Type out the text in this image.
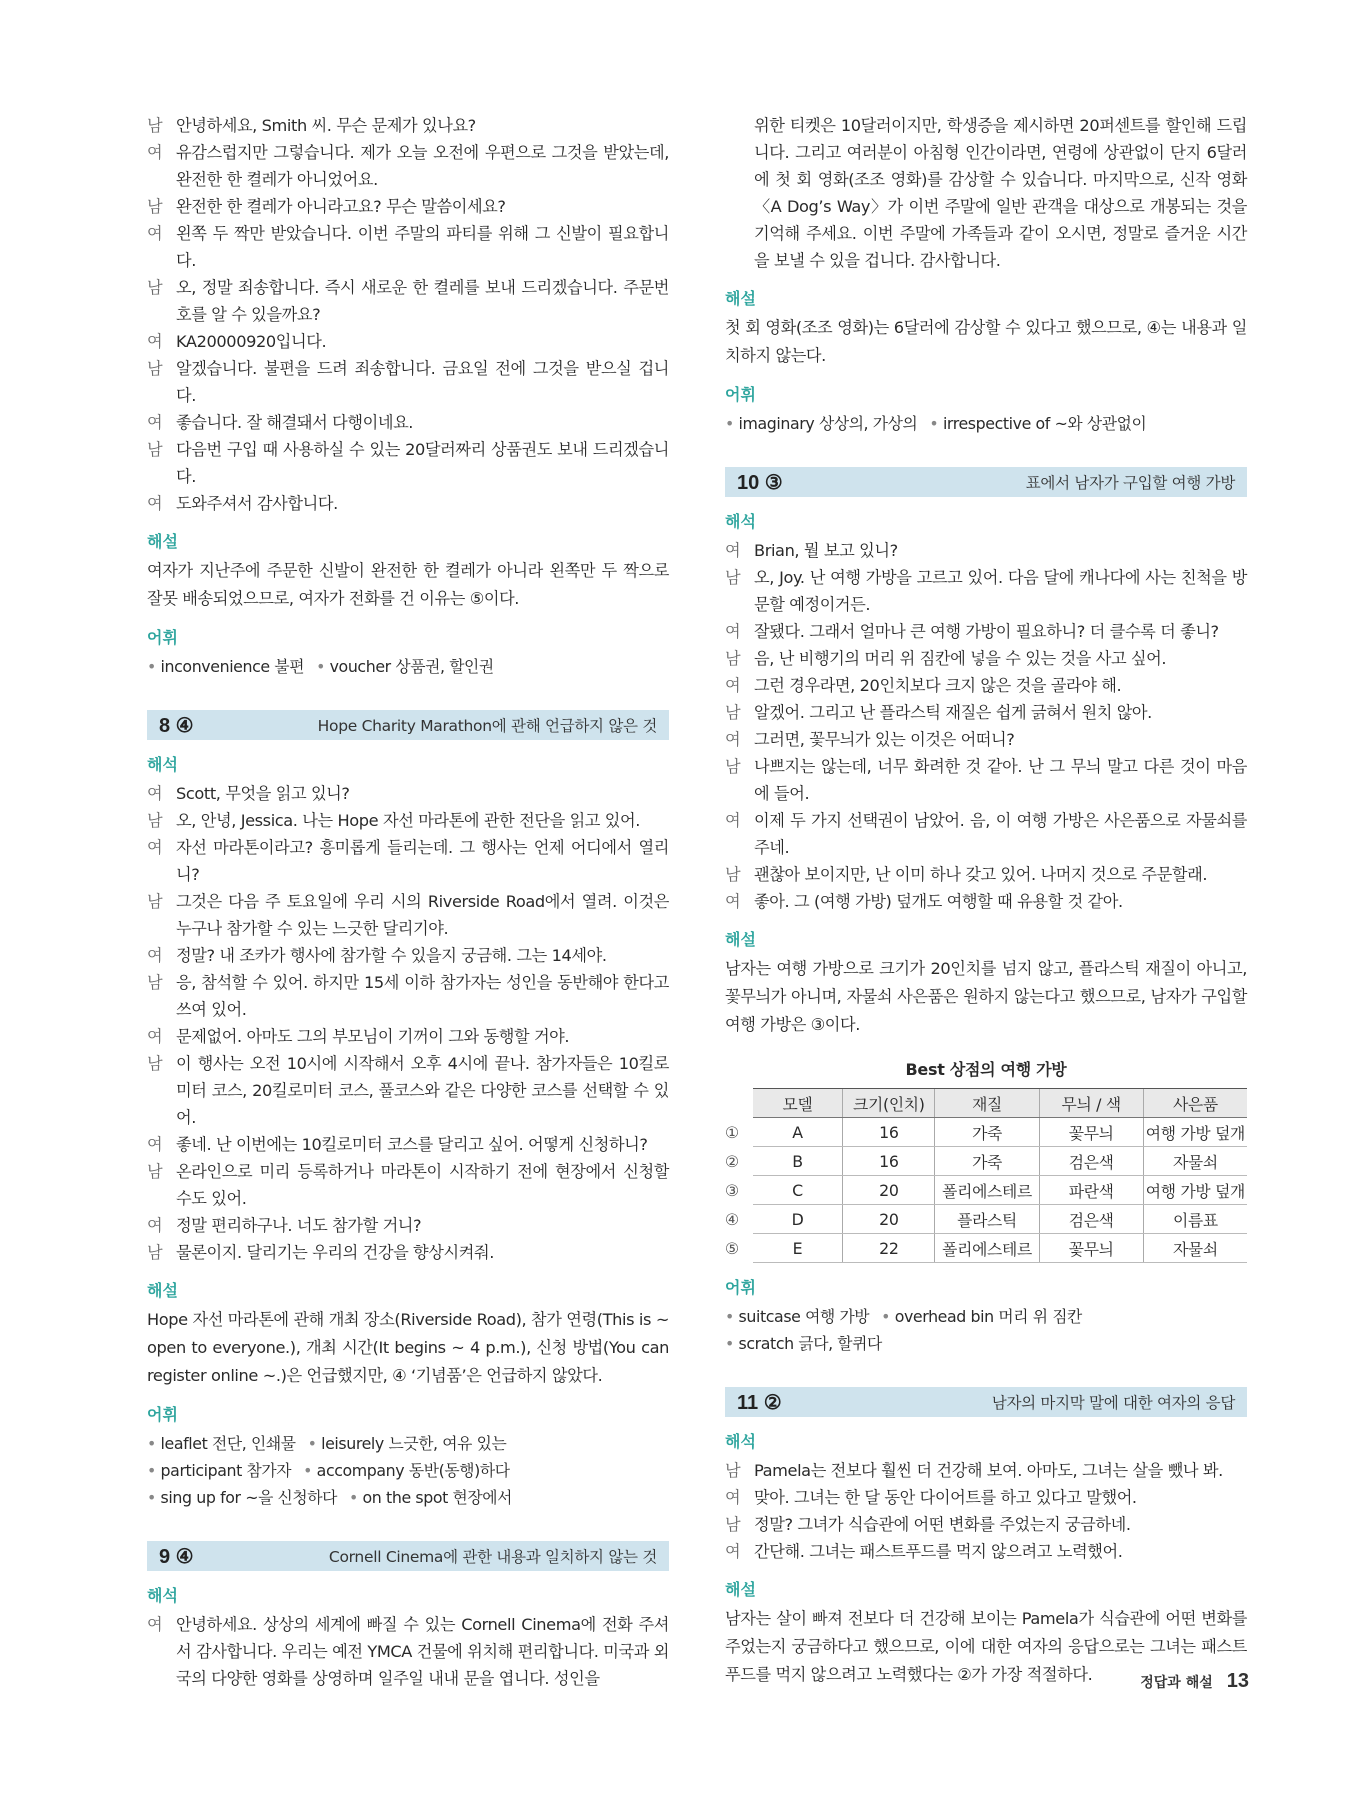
남 안녕하세요, Smith 씨. 무슨 문제가 있나요?
여 유감스럽지만 그렇습니다. 제가 오늘 오전에 우편으로 그것을 받았는데, 완전한 한 켤레가 아니었어요.
남 완전한 한 켤레가 아니라고요? 무슨 말씀이세요?
여 왼쪽 두 짝만 받았습니다. 이번 주말의 파티를 위해 그 신발이 필요합니다.
남 오, 정말 죄송합니다. 즉시 새로운 한 켤레를 보내 드리겠습니다. 주문번호를 알 수 있을까요?
여 KA20000920입니다.
남 알겠습니다. 불편을 드려 죄송합니다. 금요일 전에 그것을 받으실 겁니다.
여 좋습니다. 잘 해결돼서 다행이네요.
남 다음번 구입 때 사용하실 수 있는 20달러짜리 상품권도 보내 드리겠습니다.
여 도와주셔서 감사합니다.
해설
여자가 지난주에 주문한 신발이 완전한 한 켤레가 아니라 왼쪽만 두 짝으로 잘못 배송되었으므로, 여자가 전화를 건 이유는 ⑤이다.
어휘
• inconvenience 불편 • voucher 상품권, 할인권
8 ④	Hope Charity Marathon에 관해 언급하지 않은 것
해석
여 Scott, 무엇을 읽고 있니?
남 오, 안녕, Jessica. 나는 Hope 자선 마라톤에 관한 전단을 읽고 있어.
여 자선 마라톤이라고? 흥미롭게 들리는데. 그 행사는 언제 어디에서 열리니?
남 그것은 다음 주 토요일에 우리 시의 Riverside Road에서 열려. 이것은 누구나 참가할 수 있는 느긋한 달리기야.
여 정말? 내 조카가 행사에 참가할 수 있을지 궁금해. 그는 14세야.
남 응, 참석할 수 있어. 하지만 15세 이하 참가자는 성인을 동반해야 한다고 쓰여 있어.
여 문제없어. 아마도 그의 부모님이 기꺼이 그와 동행할 거야.
남 이 행사는 오전 10시에 시작해서 오후 4시에 끝나. 참가자들은 10킬로미터 코스, 20킬로미터 코스, 풀코스와 같은 다양한 코스를 선택할 수 있어.
여 좋네. 난 이번에는 10킬로미터 코스를 달리고 싶어. 어떻게 신청하니?
남 온라인으로 미리 등록하거나 마라톤이 시작하기 전에 현장에서 신청할 수도 있어.
여 정말 편리하구나. 너도 참가할 거니?
남 물론이지. 달리기는 우리의 건강을 향상시켜줘.
해설
Hope 자선 마라톤에 관해 개최 장소(Riverside Road), 참가 연령(This is ~ open to everyone.), 개최 시간(It begins ~ 4 p.m.), 신청 방법(You can register online ~.)은 언급했지만, ④ ‘기념품’은 언급하지 않았다.
어휘
• leaflet 전단, 인쇄물 • leisurely 느긋한, 여유 있는• participant 참가자 • accompany 동반(동행)하다• sing up for ~을 신청하다 • on the spot 현장에서
9 ④	Cornell Cinema에 관한 내용과 일치하지 않는 것
해석
여 안녕하세요. 상상의 세계에 빠질 수 있는 Cornell Cinema에 전화 주셔서 감사합니다. 우리는 예전 YMCA 건물에 위치해 편리합니다. 미국과 외국의 다양한 영화를 상영하며 일주일 내내 문을 엽니다. 성인을
위한 티켓은 10달러이지만, 학생증을 제시하면 20퍼센트를 할인해 드립니다. 그리고 여러분이 아침형 인간이라면, 연령에 상관없이 단지 6달러에 첫 회 영화(조조 영화)를 감상할 수 있습니다. 마지막으로, 신작 영화 〈A Dog’s Way〉가 이번 주말에 일반 관객을 대상으로 개봉되는 것을 기억해 주세요. 이번 주말에 가족들과 같이 오시면, 정말로 즐거운 시간을 보낼 수 있을 겁니다. 감사합니다.
해설
첫 회 영화(조조 영화)는 6달러에 감상할 수 있다고 했으므로, ④는 내용과 일치하지 않는다.
어휘
• imaginary 상상의, 가상의 • irrespective of ~와 상관없이
10 ③	표에서 남자가 구입할 여행 가방
해석
여 Brian, 뭘 보고 있니?
남 오, Joy. 난 여행 가방을 고르고 있어. 다음 달에 캐나다에 사는 친척을 방문할 예정이거든.
여 잘됐다. 그래서 얼마나 큰 여행 가방이 필요하니? 더 클수록 더 좋니?
남 음, 난 비행기의 머리 위 짐칸에 넣을 수 있는 것을 사고 싶어.
여 그런 경우라면, 20인치보다 크지 않은 것을 골라야 해.
남 알겠어. 그리고 난 플라스틱 재질은 쉽게 긁혀서 원치 않아.
여 그러면, 꽃무늬가 있는 이것은 어떠니?
남 나쁘지는 않는데, 너무 화려한 것 같아. 난 그 무늬 말고 다른 것이 마음에 들어.
여 이제 두 가지 선택권이 남았어. 음, 이 여행 가방은 사은품으로 자물쇠를 주네.
남 괜찮아 보이지만, 난 이미 하나 갖고 있어. 나머지 것으로 주문할래.
여 좋아. 그 (여행 가방) 덮개도 여행할 때 유용할 것 같아.
해설
남자는 여행 가방으로 크기가 20인치를 넘지 않고, 플라스틱 재질이 아니고, 꽃무늬가 아니며, 자물쇠 사은품은 원하지 않는다고 했으므로, 남자가 구입할 여행 가방은 ③이다.
Best 상점의 여행 가방
	모델	크기(인치)	재질	무늬 / 색	사은품
①	A	16	가죽	꽃무늬	여행 가방 덮개
②	B	16	가죽	검은색	자물쇠
③	C	20	폴리에스테르	파란색	여행 가방 덮개
④	D	20	플라스틱	검은색	이름표
⑤	E	22	폴리에스테르	꽃무늬	자물쇠
어휘
• suitcase 여행 가방 • overhead bin 머리 위 짐칸• scratch 긁다, 할퀴다
11 ②	남자의 마지막 말에 대한 여자의 응답
해석
남 Pamela는 전보다 훨씬 더 건강해 보여. 아마도, 그녀는 살을 뺐나 봐.
여 맞아. 그녀는 한 달 동안 다이어트를 하고 있다고 말했어.
남 정말? 그녀가 식습관에 어떤 변화를 주었는지 궁금하네.
여 간단해. 그녀는 패스트푸드를 먹지 않으려고 노력했어.
해설
남자는 살이 빠져 전보다 더 건강해 보이는 Pamela가 식습관에 어떤 변화를 주었는지 궁금하다고 했으므로, 이에 대한 여자의 응답으로는 그녀는 패스트푸드를 먹지 않으려고 노력했다는 ②가 가장 적절하다.	정답과 해설 13
